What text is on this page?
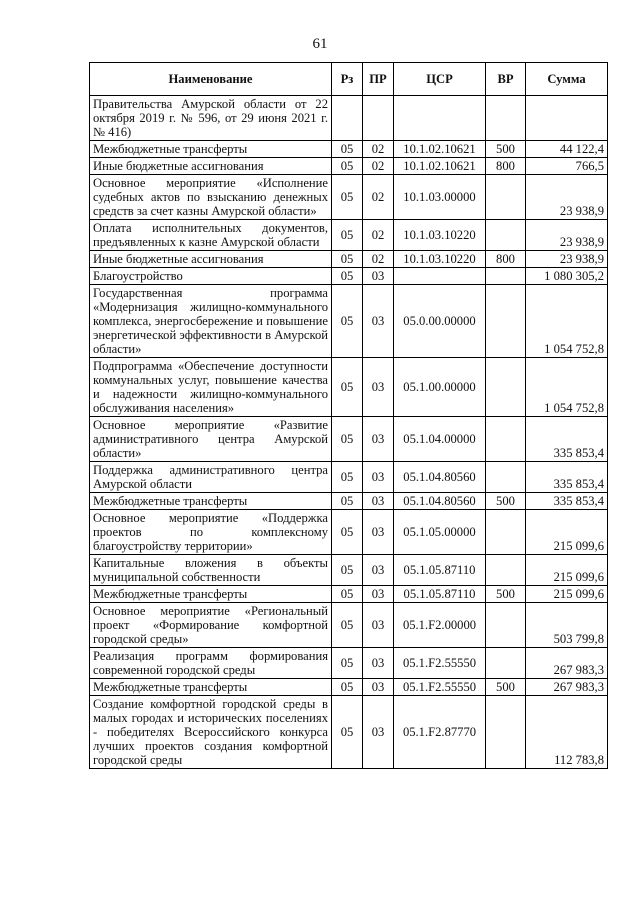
61
Наименование	Рз	ПР	ЦСР	ВР	Сумма
Правительства Амурской области от 22 октября 2019 г. № 596, от 29 июня 2021 г. № 416)					
Межбюджетные трансферты	05	02	10.1.02.10621	500	44 122,4
Иные бюджетные ассигнования	05	02	10.1.02.10621	800	766,5
Основное мероприятие «Исполнение судебных актов по взысканию денежных средств за счет казны Амурской области»	05	02	10.1.03.00000		23 938,9
Оплата исполнительных документов, предъявленных к казне Амурской области	05	02	10.1.03.10220		23 938,9
Иные бюджетные ассигнования	05	02	10.1.03.10220	800	23 938,9
Благоустройство	05	03			1 080 305,2
Государственная программа «Модернизация жилищно-коммунального комплекса, энергосбережение и повышение энергетической эффективности в Амурской области»	05	03	05.0.00.00000		1 054 752,8
Подпрограмма «Обеспечение доступности коммунальных услуг, повышение качества и надежности жилищно-коммунального обслуживания населения»	05	03	05.1.00.00000		1 054 752,8
Основное мероприятие «Развитие административного центра Амурской области»	05	03	05.1.04.00000		335 853,4
Поддержка административного центра Амурской области	05	03	05.1.04.80560		335 853,4
Межбюджетные трансферты	05	03	05.1.04.80560	500	335 853,4
Основное мероприятие «Поддержка проектов по комплексному благоустройству территории»	05	03	05.1.05.00000		215 099,6
Капитальные вложения в объекты муниципальной собственности	05	03	05.1.05.87110		215 099,6
Межбюджетные трансферты	05	03	05.1.05.87110	500	215 099,6
Основное мероприятие «Региональный проект «Формирование комфортной городской среды»	05	03	05.1.F2.00000		503 799,8
Реализация программ формирования современной городской среды	05	03	05.1.F2.55550		267 983,3
Межбюджетные трансферты	05	03	05.1.F2.55550	500	267 983,3
Создание комфортной городской среды в малых городах и исторических поселениях - победителях Всероссийского конкурса лучших проектов создания комфортной городской среды	05	03	05.1.F2.87770		112 783,8
